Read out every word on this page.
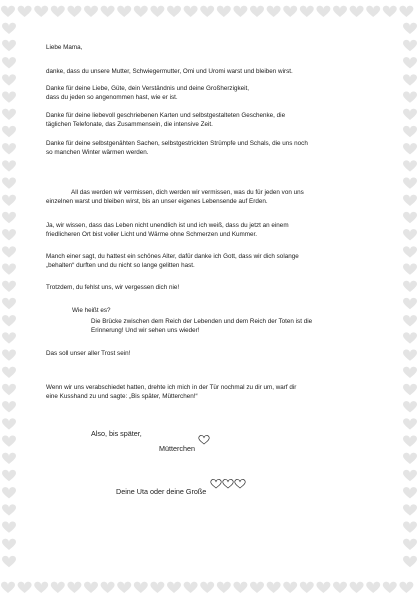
Liebe Mama,

danke, dass du unsere Mutter, Schwiegermutter, Omi und Uromi warst und bleiben wirst.

Danke für deine Liebe, Güte, dein Verständnis und deine Großherzigkeit,

dass du jeden so angenommen hast, wie er ist.

Danke für deine liebevoll geschriebenen Karten und selbstgestalteten Geschenke, die

täglichen Telefonate, das Zusammensein, die intensive Zeit.

Danke für deine selbstgenähten Sachen, selbstgestrickten Strümpfe und Schals, die uns noch

so manchen Winter wärmen werden.

All das werden wir vermissen, dich werden wir vermissen, was du für jeden von uns

einzelnen warst und bleiben wirst, bis an unser eigenes Lebensende auf Erden.

Ja, wir wissen, dass das Leben nicht unendlich ist und ich weiß, dass du jetzt an einem

friedlicheren Ort bist voller Licht und Wärme ohne Schmerzen und Kummer.

Manch einer sagt, du hattest ein schönes Alter, dafür danke ich Gott, dass wir dich solange

„behalten“ durften und du nicht so lange gelitten hast.

Trotzdem, du fehlst uns, wir vergessen dich nie!

Wie heißt es?

Die Brücke zwischen dem Reich der Lebenden und dem Reich der Toten ist die

Erinnerung! Und wir sehen uns wieder!

Das soll unser aller Trost sein!

Wenn wir uns verabschiedet hatten, drehte ich mich in der Tür nochmal zu dir um, warf dir

eine Kusshand zu und sagte: „Bis später, Mütterchen!“

Also, bis später,

Mütterchen
Deine Uta oder deine Große
